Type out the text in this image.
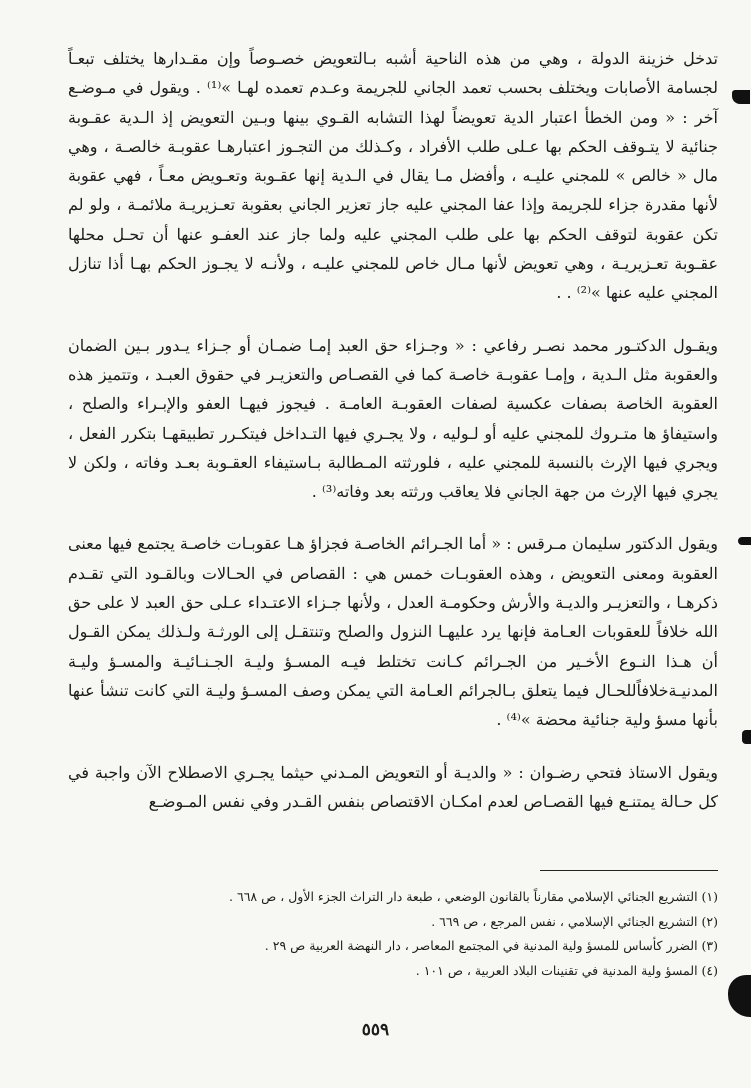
تدخل خزينة الدولة ، وهي من هذه الناحية أشبه بـالتعويض خصـوصاً وإن مقـدارها يختلف تبعـاً لجسامة الأصابات ويختلف بحسب تعمد الجاني للجريمة وعـدم تعمده لهـا »⁽¹⁾ . ويقول في مـوضـع آخر : « ومن الخطأ اعتبار الدية تعويضاً لهذا التشابه القـوي بينها وبـين التعويض إذ الـدية عقـوبة جنائية لا يتـوقف الحكم بها عـلى طلب الأفراد ، وكـذلك من التجـوز اعتبارهـا عقوبـة خالصـة ، وهي مال « خالص » للمجني عليـه ، وأفضل مـا يقال في الـدية إنها عقـوبة وتعـويض معـاً ، فهي عقوبة لأنها مقدرة جزاء للجريمة وإذا عفا المجني عليه جاز تعزير الجاني بعقوبة تعـزيريـة ملائمـة ، ولو لم تكن عقوبة لتوقف الحكم بها على طلب المجني عليه ولما جاز عند العفـو عنها أن تحـل محلها عقـوبة تعـزيريـة ، وهي تعويض لأنها مـال خاص للمجني عليـه ، ولأنـه لا يجـوز الحكم بهـا أذا تنازل المجني عليه عنها »⁽²⁾ . .

ويقـول الدكتـور محمد نصـر رفاعي : « وجـزاء حق العبد إمـا ضمـان أو جـزاء يـدور بـين الضمان والعقوبة مثل الـدية ، وإمـا عقوبـة خاصـة كما في القصـاص والتعزيـر في حقوق العبـد ، وتتميز هذه العقوبة الخاصة بصفات عكسية لصفات العقوبـة العامـة . فيجوز فيهـا العفو والإبـراء والصلح ، واستيفاؤ ها متـروك للمجني عليه أو لـوليه ، ولا يجـري فيها التـداخل فيتكـرر تطبيقهـا بتكرر الفعل ، ويجري فيها الإرث بالنسبة للمجني عليه ، فلورثته المـطالبة بـاستيفاء العقـوبة بعـد وفاته ، ولكن لا يجري فيها الإرث من جهة الجاني فلا يعاقب ورثته بعد وفاته⁽³⁾ .

ويقول الدكتور سليمان مـرقس : « أما الجـرائم الخاصـة فجزاؤ هـا عقوبـات خاصـة يجتمع فيها معنى العقوبة ومعنى التعويض ، وهذه العقوبـات خمس هي : القصاص في الحـالات وبالقـود التي تقـدم ذكرهـا ، والتعزيـر والديـة والأرش وحكومـة العدل ، ولأنها جـزاء الاعتـداء عـلى حق العبد لا على حق الله خلافاً للعقوبات العـامة فإنها يرد عليهـا النزول والصلح وتنتقـل إلى الورثـة ولـذلك يمكن القـول أن هـذا النـوع الأخـير من الجـرائم كـانت تختلط فيـه المسـؤ وليـة الجـنـائيـة والمسـؤ وليـة المدنيـةخلافاًللحـال فيما يتعلق بـالجرائم العـامة التي يمكن وصف المسـؤ وليـة التي كانت تنشأ عنها بأنها مسؤ ولية جنائية محضة »⁽⁴⁾ .

ويقول الاستاذ فتحي رضـوان : « والديـة أو التعويض المـدني حيثما يجـري الاصطلاح الآن واجبة في كل حـالة يمتنـع فيها القصـاص لعدم امكـان الاقتصاص بنفس القـدر وفي نفس المـوضـع

(١) التشريع الجنائي الإسلامي مقارناً بالقانون الوضعي ، طبعة دار التراث الجزء الأول ، ص ٦٦٨ .

(٢) التشريع الجنائي الإسلامي ، نفس المرجع ، ص ٦٦٩ .

(٣) الضرر كأساس للمسؤ ولية المدنية في المجتمع المعاصر ، دار النهضة العربية ص ٢٩ .

(٤) المسؤ ولية المدنية في تقنينات البلاد العربية ، ص ١٠١ .

٥٥٩
